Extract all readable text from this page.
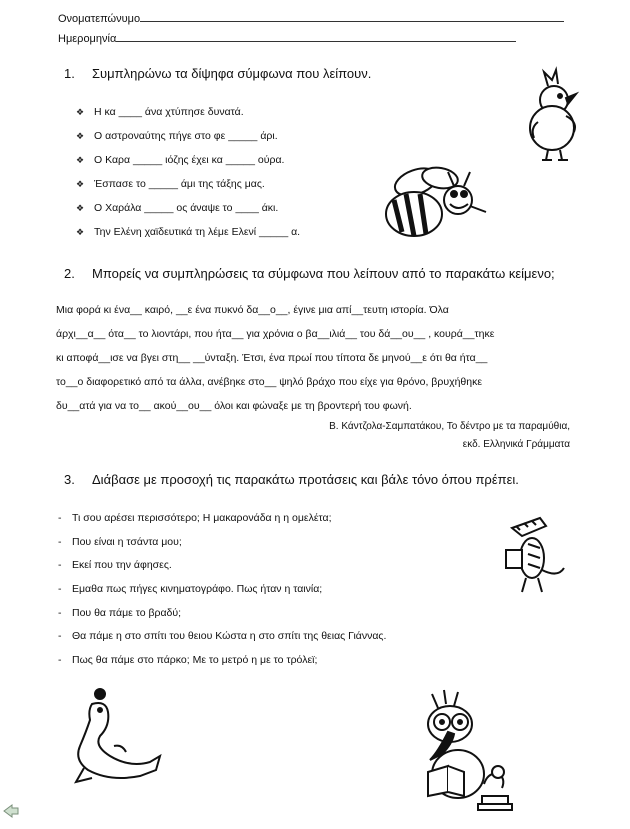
Ονοματεπώνυμο
Ημερομηνία
1. Συμπληρώνω τα δίψηφα σύμφωνα που λείπουν.
❖ Η κα ____ άνα χτύπησε δυνατά.
❖ Ο αστροναύτης πήγε στο φε _____ άρι.
❖ Ο Καρα _____ ιόζης έχει κα _____ ούρα.
❖ Έσπασε το _____ άμι της τάξης μας.
❖ Ο Χαράλα _____ ος άναψε το ____ άκι.
❖ Την Ελένη χαϊδευτικά τη λέμε Ελενί _____ α.
2. Μπορείς να συμπληρώσεις τα σύμφωνα που λείπουν από το παρακάτω κείμενο;
Μια φορά κι ένα__ καιρό, __ε ένα πυκνό δα__ο__, έγινε μια απί__τευτη ιστορία. Όλα
άρχι__α__ ότα__ το λιοντάρι, που ήτα__ για χρόνια ο βα__ιλιά__ του δά__ου__ , κουρά__τηκε
κι αποφά__ισε να βγει στη__ __ύνταξη. Έτσι, ένα πρωί που τίποτα δε μηνού__ε ότι θα ήτα__
το__ο διαφορετικό από τα άλλα, ανέβηκε στο__ ψηλό βράχο που είχε για θρόνο, βρυχήθηκε
δυ__ατά για να το__ ακού__ου__ όλοι και φώναξε με τη βροντερή του φωνή.
Β. Κάντζολα-Σαμπατάκου, Το δέντρο με τα παραμύθια,
εκδ. Ελληνικά Γράμματα
3. Διάβασε με προσοχή τις παρακάτω προτάσεις και βάλε τόνο όπου πρέπει.
- Τι σου αρέσει περισσότερο; Η μακαρονάδα η η ομελέτα;
- Που είναι η τσάντα μου;
- Εκεί που την άφησες.
- Εμαθα πως πήγες κινηματογράφο. Πως ήταν η ταινία;
- Που θα πάμε το βραδύ;
- Θα πάμε η στο σπίτι του θειου Κώστα η στο σπίτι της θειας Γιάννας.
- Πως θα πάμε στο πάρκο; Με το μετρό η με το τρόλεϊ;
